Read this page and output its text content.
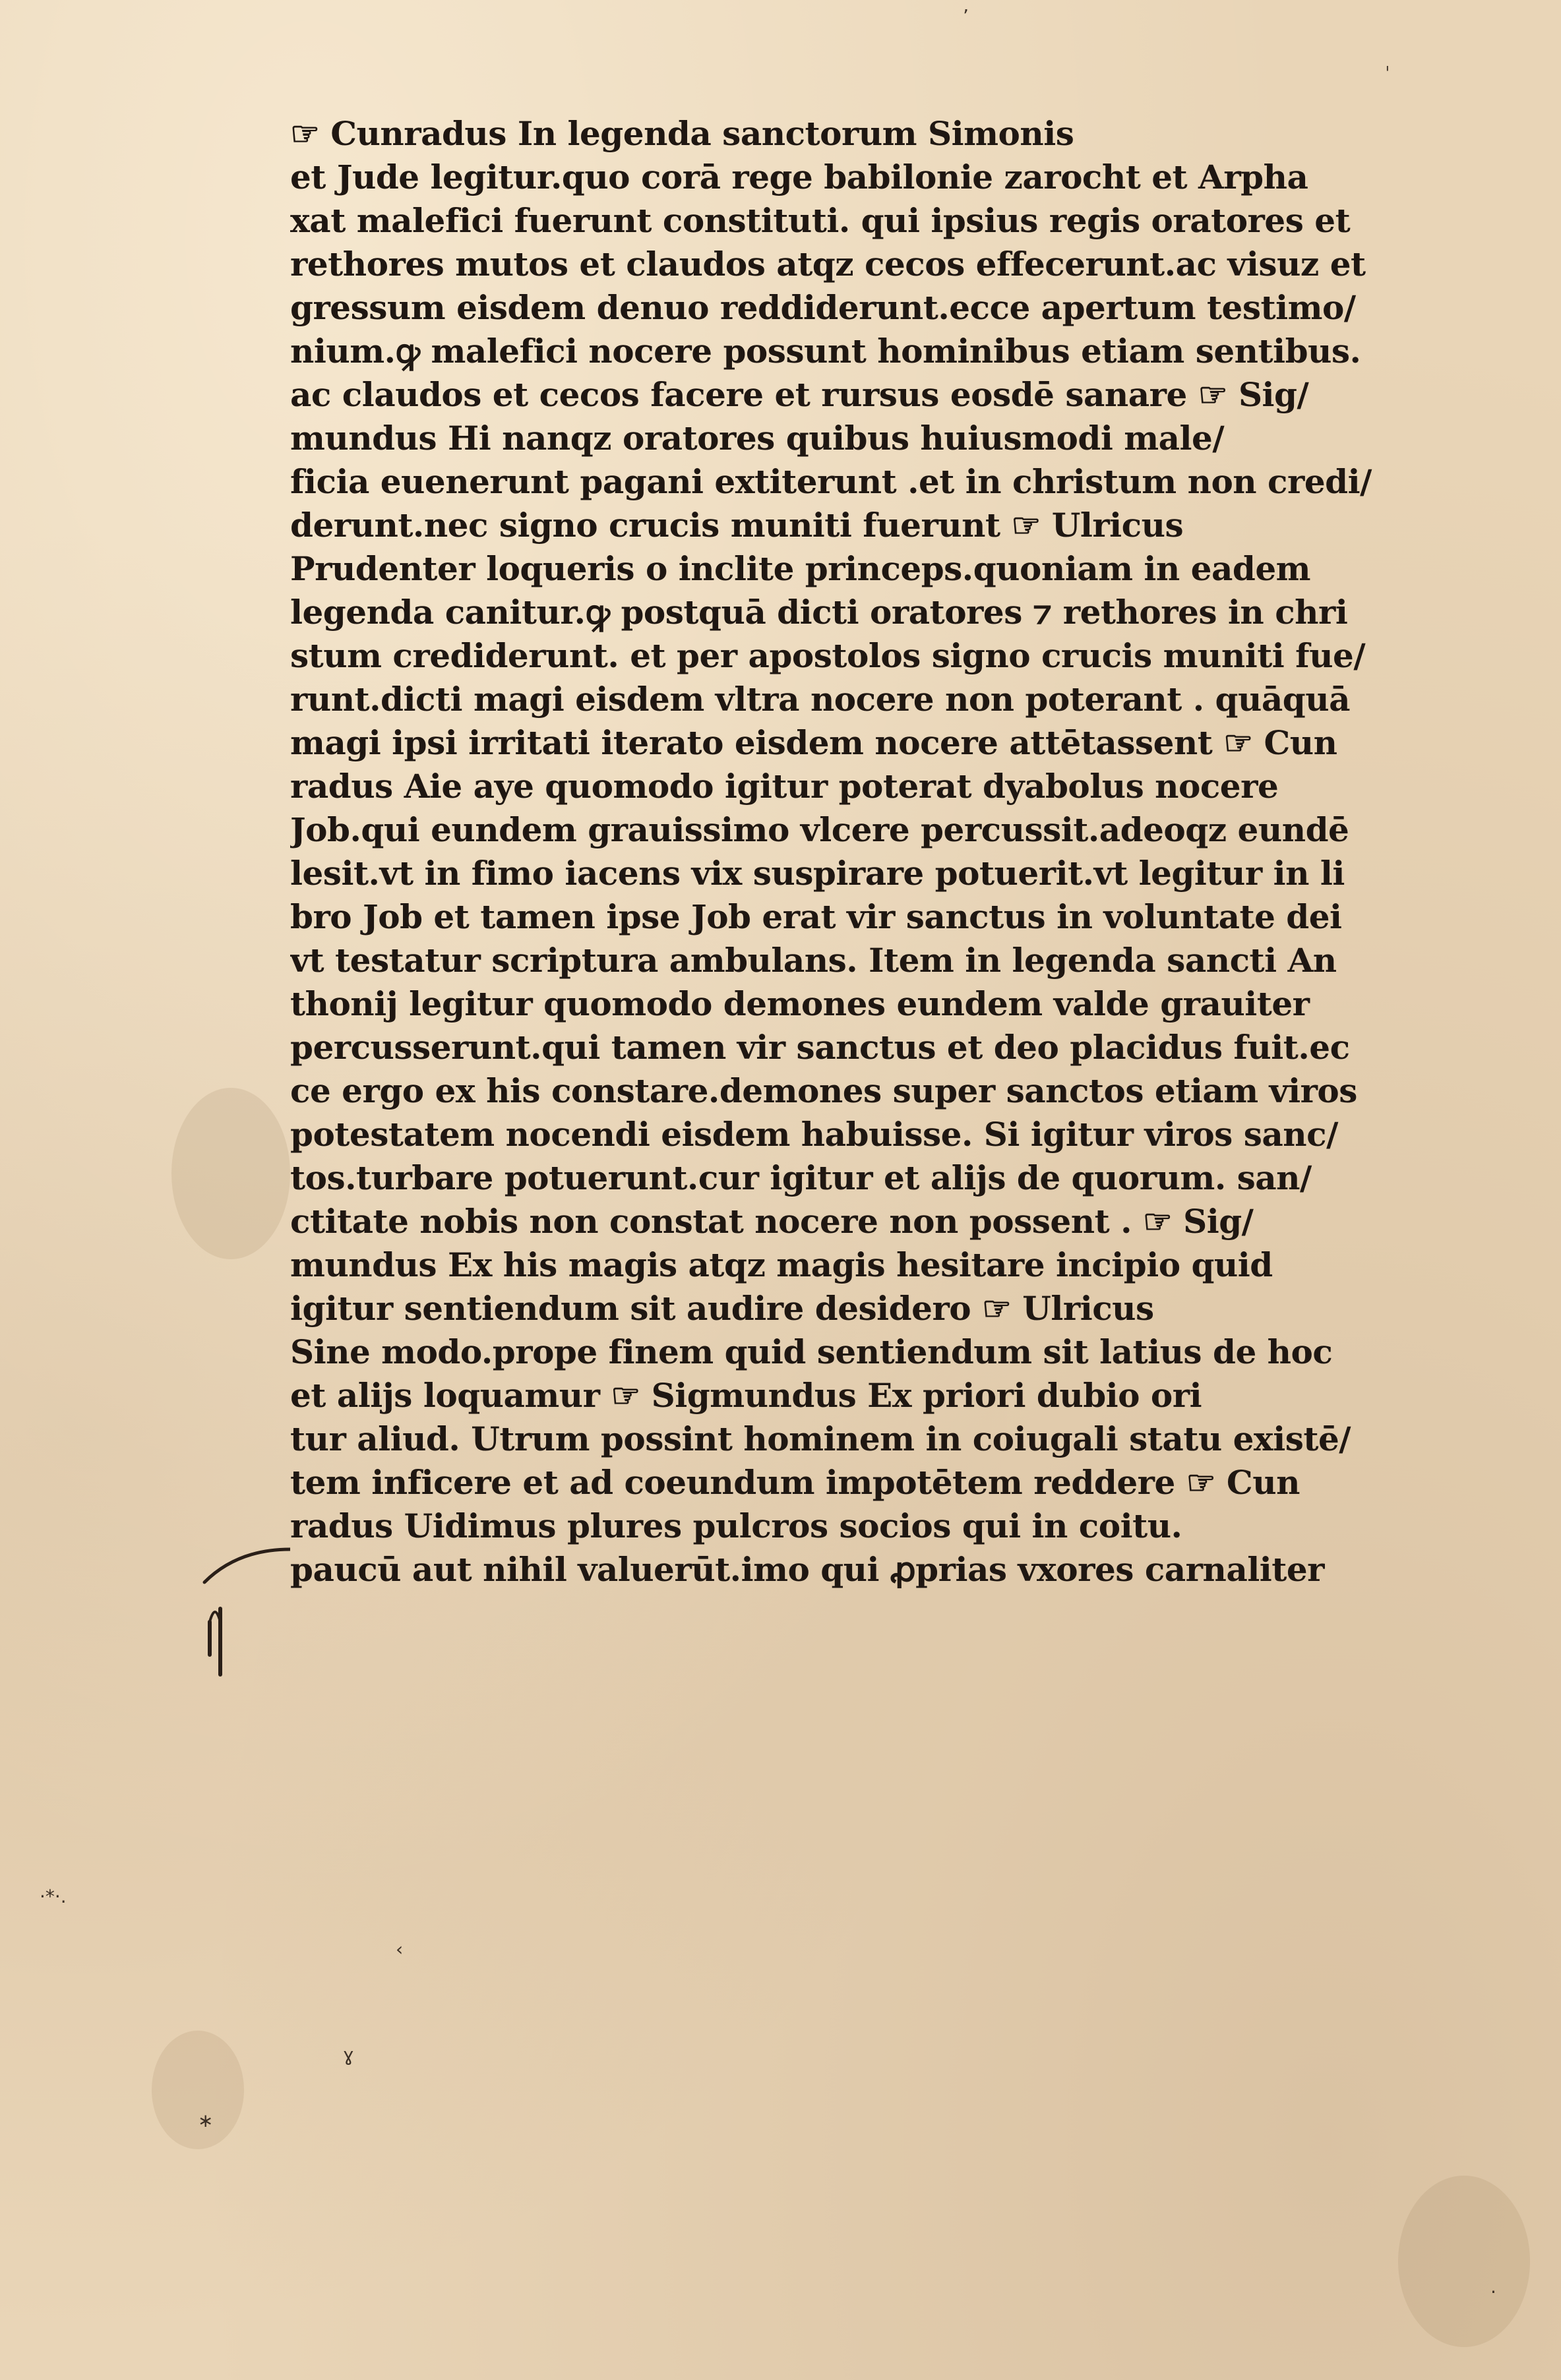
☞ Cunradus In legenda sanctorum Simonis
et Jude legitur.quo corā rege babilonie zarocht et Arpha
xat malefici fuerunt constituti. qui ipsius regis oratores et
rethores mutos et claudos atqz cecos effecerunt.ac visuz et
gressum eisdem denuo reddiderunt.ecce apertum testimo/
nium.ꝙ malefici nocere possunt hominibus etiam sentibus.
ac claudos et cecos facere et rursus eosdē sanare ☞ Sig/
mundus Hi nanqz oratores quibus huiusmodi male/
ficia euenerunt pagani extiterunt .et in christum non credi/
derunt.nec signo crucis muniti fuerunt ☞ Ulricus
Prudenter loqueris o inclite princeps.quoniam in eadem
legenda canitur.ꝙ postquā dicti oratores ⁊ rethores in chri
stum crediderunt. et per apostolos signo crucis muniti fue/
runt.dicti magi eisdem vltra nocere non poterant . quāquā
magi ipsi irritati iterato eisdem nocere attētassent ☞ Cun
radus Aie aye quomodo igitur poterat dyabolus nocere
Job.qui eundem grauissimo vlcere percussit.adeoqz eundē
lesit.vt in fimo iacens vix suspirare potuerit.vt legitur in li
bro Job et tamen ipse Job erat vir sanctus in voluntate dei
vt testatur scriptura ambulans. Item in legenda sancti An
thonij legitur quomodo demones eundem valde grauiter
percusserunt.qui tamen vir sanctus et deo placidus fuit.ec
ce ergo ex his constare.demones super sanctos etiam viros
potestatem nocendi eisdem habuisse. Si igitur viros sanc/
tos.turbare potuerunt.cur igitur et alijs de quorum. san/
ctitate nobis non constat nocere non possent . ☞ Sig/
mundus Ex his magis atqz magis hesitare incipio quid
igitur sentiendum sit audire desidero ☞ Ulricus
Sine modo.prope finem quid sentiendum sit latius de hoc
et alijs loquamur ☞ Sigmundus Ex priori dubio ori
tur aliud. Utrum possint hominem in coiugali statu existē/
tem inficere et ad coeundum impotētem reddere ☞ Cun
radus Uidimus plures pulcros socios qui in coitu.
paucū aut nihil valuerūt.imo qui ꝓprias vxores carnaliter
’
ˈ
·*·.
‹
ɣ
∗
·
